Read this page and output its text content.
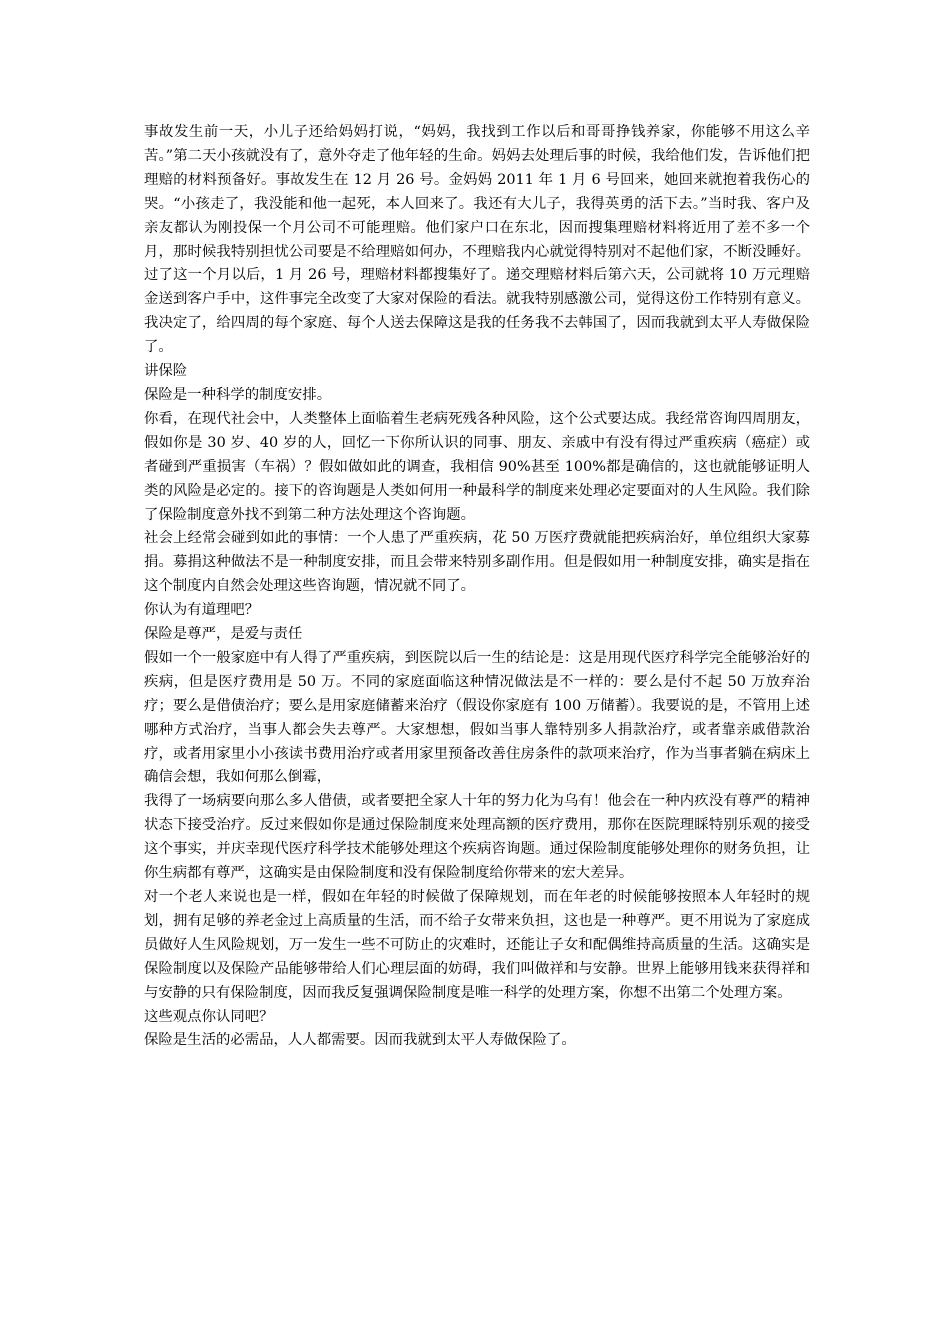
事故发生前一天，小儿子还给妈妈打说，“妈妈，我找到工作以后和哥哥挣钱养家，你能够不用这么辛苦。”第二天小孩就没有了，意外夺走了他年轻的生命。妈妈去处理后事的时候，我给他们发，告诉他们把理赔的材料预备好。事故发生在 12 月 26 号。金妈妈 2011 年 1 月 6 号回来，她回来就抱着我伤心的哭。“小孩走了，我没能和他一起死，本人回来了。我还有大儿子，我得英勇的活下去。”当时我、客户及亲友都认为刚投保一个月公司不可能理赔。他们家户口在东北，因而搜集理赔材料将近用了差不多一个月，那时候我特别担忧公司要是不给理赔如何办，不理赔我内心就觉得特别对不起他们家，不断没睡好。过了这一个月以后，1 月 26 号，理赔材料都搜集好了。递交理赔材料后第六天，公司就将 10 万元理赔金送到客户手中，这件事完全改变了大家对保险的看法。就我特别感激公司，觉得这份工作特别有意义。我决定了，给四周的每个家庭、每个人送去保障这是我的任务我不去韩国了，因而我就到太平人寿做保险了。

讲保险

保险是一种科学的制度安排。

你看，在现代社会中，人类整体上面临着生老病死残各种风险，这个公式要达成。我经常咨询四周朋友，假如你是 30 岁、40 岁的人，回忆一下你所认识的同事、朋友、亲戚中有没有得过严重疾病（癌症）或者碰到严重损害（车祸）？假如做如此的调查，我相信 90%甚至 100%都是确信的，这也就能够证明人类的风险是必定的。接下的咨询题是人类如何用一种最科学的制度来处理必定要面对的人生风险。我们除了保险制度意外找不到第二种方法处理这个咨询题。

社会上经常会碰到如此的事情：一个人患了严重疾病，花 50 万医疗费就能把疾病治好，单位组织大家募捐。募捐这种做法不是一种制度安排，而且会带来特别多副作用。但是假如用一种制度安排，确实是指在这个制度内自然会处理这些咨询题，情况就不同了。

你认为有道理吧？

保险是尊严，是爱与责任

假如一个一般家庭中有人得了严重疾病，到医院以后一生的结论是：这是用现代医疗科学完全能够治好的疾病，但是医疗费用是 50 万。不同的家庭面临这种情况做法是不一样的：要么是付不起 50 万放弃治疗；要么是借债治疗；要么是用家庭储蓄来治疗（假设你家庭有 100 万储蓄）。我要说的是，不管用上述哪种方式治疗，当事人都会失去尊严。大家想想，假如当事人靠特别多人捐款治疗，或者靠亲戚借款治疗，或者用家里小小孩读书费用治疗或者用家里预备改善住房条件的款项来治疗，作为当事者躺在病床上确信会想，我如何那么倒霉，

我得了一场病要向那么多人借债，或者要把全家人十年的努力化为乌有！他会在一种内疚没有尊严的精神状态下接受治疗。反过来假如你是通过保险制度来处理高额的医疗费用，那你在医院理睬特别乐观的接受这个事实，并庆幸现代医疗科学技术能够处理这个疾病咨询题。通过保险制度能够处理你的财务负担，让你生病都有尊严，这确实是由保险制度和没有保险制度给你带来的宏大差异。

对一个老人来说也是一样，假如在年轻的时候做了保障规划，而在年老的时候能够按照本人年轻时的规划，拥有足够的养老金过上高质量的生活，而不给子女带来负担，这也是一种尊严。更不用说为了家庭成员做好人生风险规划，万一发生一些不可防止的灾难时，还能让子女和配偶维持高质量的生活。这确实是保险制度以及保险产品能够带给人们心理层面的妨碍，我们叫做祥和与安静。世界上能够用钱来获得祥和与安静的只有保险制度，因而我反复强调保险制度是唯一科学的处理方案，你想不出第二个处理方案。

这些观点你认同吧？

保险是生活的必需品，人人都需要。因而我就到太平人寿做保险了。
